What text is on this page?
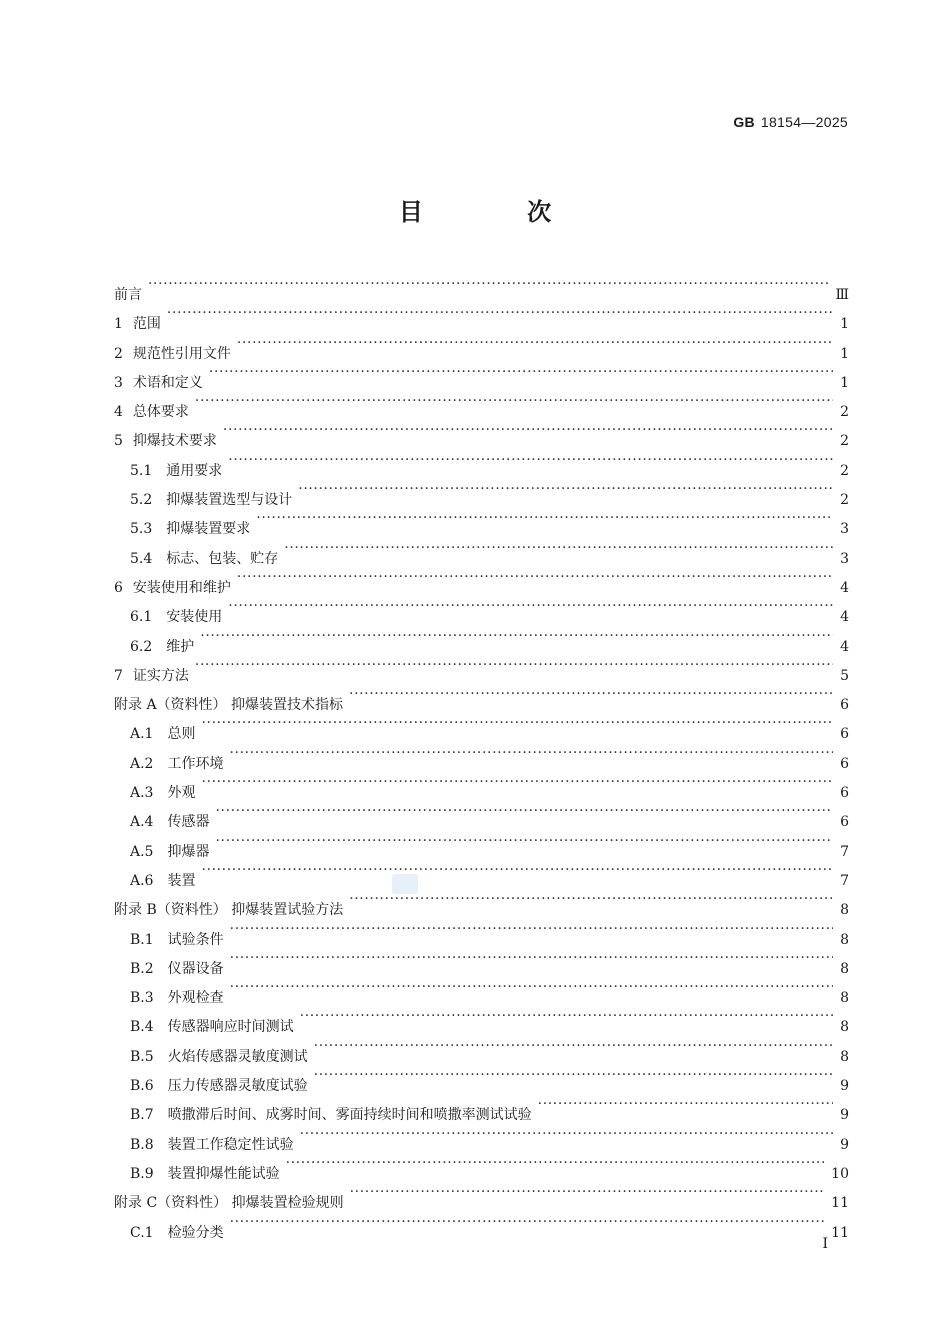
GB 18154—2025
目 次
前言 ·····	Ⅲ
1 范围 ·····	1
2 规范性引用文件 ·····	1
3 术语和定义 ·····	1
4 总体要求 ·····	2
5 抑爆技术要求 ·····	2
5.1 通用要求 ·····	2
5.2 抑爆装置选型与设计 ·····	2
5.3 抑爆装置要求 ·····	3
5.4 标志、包装、贮存 ·····	3
6 安装使用和维护 ·····	4
6.1 安装使用 ·····	4
6.2 维护 ·····	4
7 证实方法 ·····	5
附录 A（资料性） 抑爆装置技术指标 ·····	6
A.1 总则 ·····	6
A.2 工作环境 ·····	6
A.3 外观 ·····	6
A.4 传感器 ·····	6
A.5 抑爆器 ·····	7
A.6 装置 ·····	7
附录 B（资料性） 抑爆装置试验方法 ·····	8
B.1 试验条件 ·····	8
B.2 仪器设备 ·····	8
B.3 外观检查 ·····	8
B.4 传感器响应时间测试 ·····	8
B.5 火焰传感器灵敏度测试 ·····	8
B.6 压力传感器灵敏度试验 ·····	9
B.7 喷撒滞后时间、成雾时间、雾面持续时间和喷撒率测试试验 ·····	9
B.8 装置工作稳定性试验 ·····	9
B.9 装置抑爆性能试验 ·····	10
附录 C（资料性） 抑爆装置检验规则 ·····	11
C.1 检验分类 ·····	11
I
